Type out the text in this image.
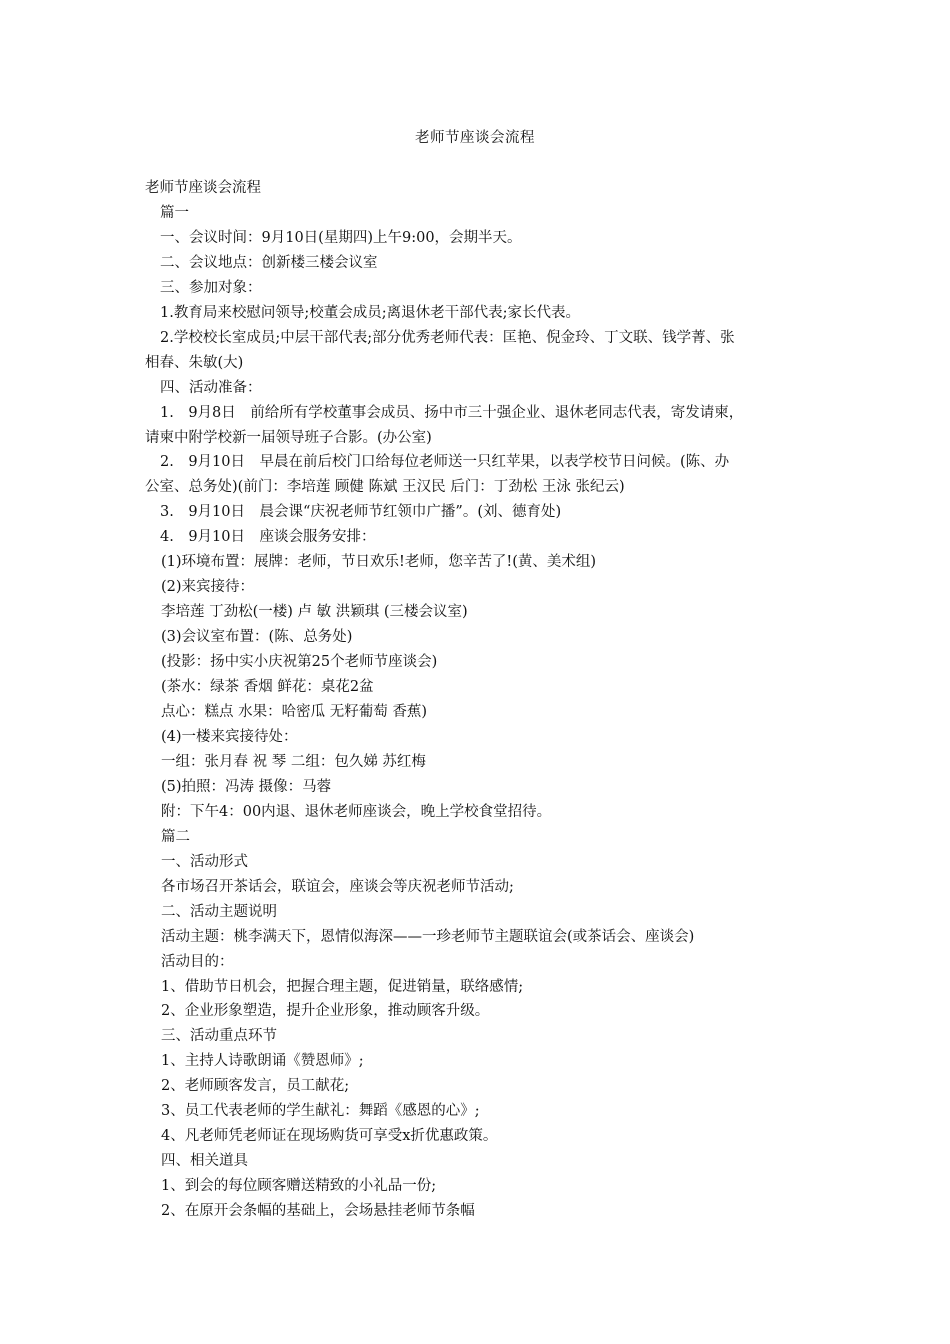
老师节座谈会流程
老师节座谈会流程
篇一
一、会议时间：9月10日(星期四)上午9:00，会期半天。
二、会议地点：创新楼三楼会议室
三、参加对象：
1.教育局来校慰问领导;校董会成员;离退休老干部代表;家长代表。
2.学校校长室成员;中层干部代表;部分优秀老师代表：匡艳、倪金玲、丁文联、钱学菁、张
相春、朱敏(大)
四、活动准备：
1.　9月8日　前给所有学校董事会成员、扬中市三十强企业、退休老同志代表，寄发请柬，
请柬中附学校新一届领导班子合影。(办公室)
2.　9月10日　早晨在前后校门口给每位老师送一只红苹果，以表学校节日问候。(陈、办
公室、总务处)(前门：李培莲 顾健 陈斌 王汉民 后门：丁劲松 王泳 张纪云)
3.　9月10日　晨会课“庆祝老师节红领巾广播”。(刘、德育处)
4.　9月10日　座谈会服务安排：
(1)环境布置：展牌：老师，节日欢乐!老师，您辛苦了!(黄、美术组)
(2)来宾接待：
李培莲 丁劲松(一楼) 卢 敏 洪颖琪 (三楼会议室)
(3)会议室布置：(陈、总务处)
(投影：扬中实小庆祝第25个老师节座谈会)
(茶水：绿茶 香烟 鲜花：桌花2盆
点心：糕点 水果：哈密瓜 无籽葡萄 香蕉)
(4)一楼来宾接待处：
一组：张月春 祝 琴 二组：包久娣 苏红梅
(5)拍照：冯涛 摄像：马蓉
附：下午4：00内退、退休老师座谈会，晚上学校食堂招待。
篇二
一、活动形式
各市场召开茶话会，联谊会，座谈会等庆祝老师节活动;
二、活动主题说明
活动主题：桃李满天下，恩情似海深——一珍老师节主题联谊会(或茶话会、座谈会)
活动目的：
1、借助节日机会，把握合理主题，促进销量，联络感情;
2、企业形象塑造，提升企业形象，推动顾客升级。
三、活动重点环节
1、主持人诗歌朗诵《赞恩师》;
2、老师顾客发言，员工献花;
3、员工代表老师的学生献礼：舞蹈《感恩的心》;
4、凡老师凭老师证在现场购货可享受x折优惠政策。
四、相关道具
1、到会的每位顾客赠送精致的小礼品一份;
2、在原开会条幅的基础上，会场悬挂老师节条幅
